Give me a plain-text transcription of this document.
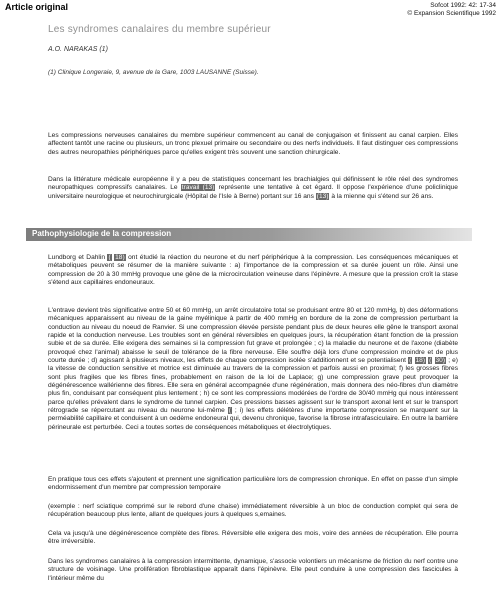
Article original	Sofcot 1992: 42: 17-34
© Expansion Scientifique 1992
Les syndromes canalaires du membre supérieur
A.O. NARAKAS (1)
(1) Clinique Longeraie, 9, avenue de la Gare, 1003 LAUSANNE (Suisse).

Les compressions nerveuses canalaires du membre supérieur commencent au canal de conjugaison et finissent au canal carpien. Elles affectent tantôt une racine ou plusieurs, un tronc plexuel primaire ou secondaire ou des nerfs individuels. Il faut distinguer ces compressions des autres neuropathies périphériques parce qu'elles exigent très souvent une sanction chirurgicale.

Dans la littérature médicale européenne il y a peu de statistiques concernant les brachialgies qui définissent le rôle réel des syndromes neuropathiques compressifs canalaires. Le travail (13) représente une tentative à cet égard. Il oppose l'expérience d'une policlinique universitaire neurologique et neurochirurgicale (Hôpital de l'Isle à Berne) portant sur 16 ans (13) à la mienne qui s'étend sur 26 ans.

Pathophysiologie de la compression

Lundborg et Dahlin ( 18) ont étudié la réaction du neurone et du nerf périphérique à la compression. Les conséquences mécaniques et métaboliques peuvent se résumer de la manière suivante : a) l'importance de la compression et sa durée jouent un rôle. Ainsi une compression de 20 à 30 mmHg provoque une gêne de la microcirculation veineuse dans l'épinèvre. A mesure que la pression croît la stase s'étend aux capillaires endoneuraux.

L'entrave devient très significative entre 50 et 60 mmHg, un arrêt circulatoire total se produisant entre 80 et 120 mmHg, b) des déformations mécaniques apparaissent au niveau de la gaine myélinique à partir de 400 mmHg en bordure de la zone de compression perturbant la conduction au niveau du noeud de Ranvier. Si une compression élevée persiste pendant plus de deux heures elle gêne le transport axonal rapide et la conduction nerveuse. Les troubles sont en général réversibles en quelques jours, la récupération étant fonction de la pression subie et de sa durée. Elle exigera des semaines si la compression fut grave et prolongée ; c) la maladie du neurone et de l'axone (diabète provoqué chez l'animal) abaisse le seuil de tolérance de la fibre nerveuse. Elle souffre déjà lors d'une compression moindre et de plus courte durée ; d) agissant à plusieurs niveaux, les effets de chaque compression isolée s'additionnent et se potentialisent ( 18) ( 30) ; e) la vitesse de conduction sensitive et motrice est diminuée au travers de la compression et parfois aussi en proximal; f) les grosses fibres sont plus fragiles que les fibres fines, probablement en raison de la loi de Laplace; g) une compression grave peut provoquer la dégénérescence wallérienne des fibres. Elle sera en général accompagnée d'une régénération, mais donnera des néo-fibres d'un diamètre plus fin, conduisant par conséquent plus lentement ; h) ce sont les compressions modérées de l'ordre de 30/40 mmHg qui nous intéressent parce qu'elles prévalent dans le syndrome de tunnel carpien. Ces pressions basses agissent sur le transport axonal lent et sur le transport rétrograde se répercutant au niveau du neurone lui-même ( ; i) les effets délétères d'une importante compression se marquent sur la perméabilité capillaire et conduisent à un oedème endoneural qui, devenu chronique, favorise la fibrose intrafasciculaire. En outre la barrière périneurale est perturbée. Ceci a toutes sortes de conséquences métaboliques et électrolytiques.

En pratique tous ces effets s'ajoutent et prennent une signification particulière lors de compression chronique. En effet on passe d'un simple endormissement d'un membre par compression temporaire

(exemple : nerf sciatique comprimé sur le rebord d'une chaise) immédiatement réversible à un bloc de conduction complet qui sera de récupération beaucoup plus lente, allant de quelques jours à quelques s,emaines.

Cela va jusqu'à une dégénérescence complète des fibres. Réversible elle exigera des mois, voire des années de récupération. Elle pourra être irréversible.

Dans les syndromes canalaires à la compression intermittente, dynamique, s'associe volontiers un mécanisme de friction du nerf contre une structure de voisinage. Une prolifération fibroblastique apparaît dans l'épinèvre. Elle peut conduire à une compression des fascicules à l'intérieur même du
